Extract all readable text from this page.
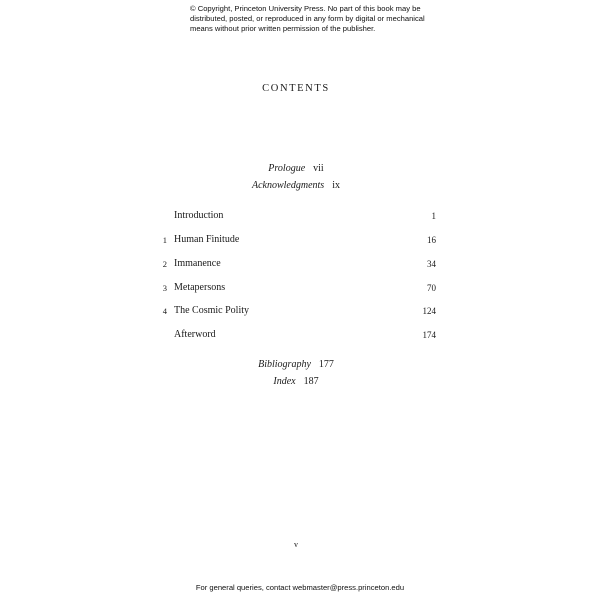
© Copyright, Princeton University Press. No part of this book may be
distributed, posted, or reproduced in any form by digital or mechanical
means without prior written permission of the publisher.
CONTENTS
Prologue vii
Acknowledgments ix
Introduction	1
1 Human Finitude	16
2 Immanence	34
3 Metapersons	70
4 The Cosmic Polity	124
Afterword	174
Bibliography 177
Index 187
v
For general queries, contact webmaster@press.princeton.edu
